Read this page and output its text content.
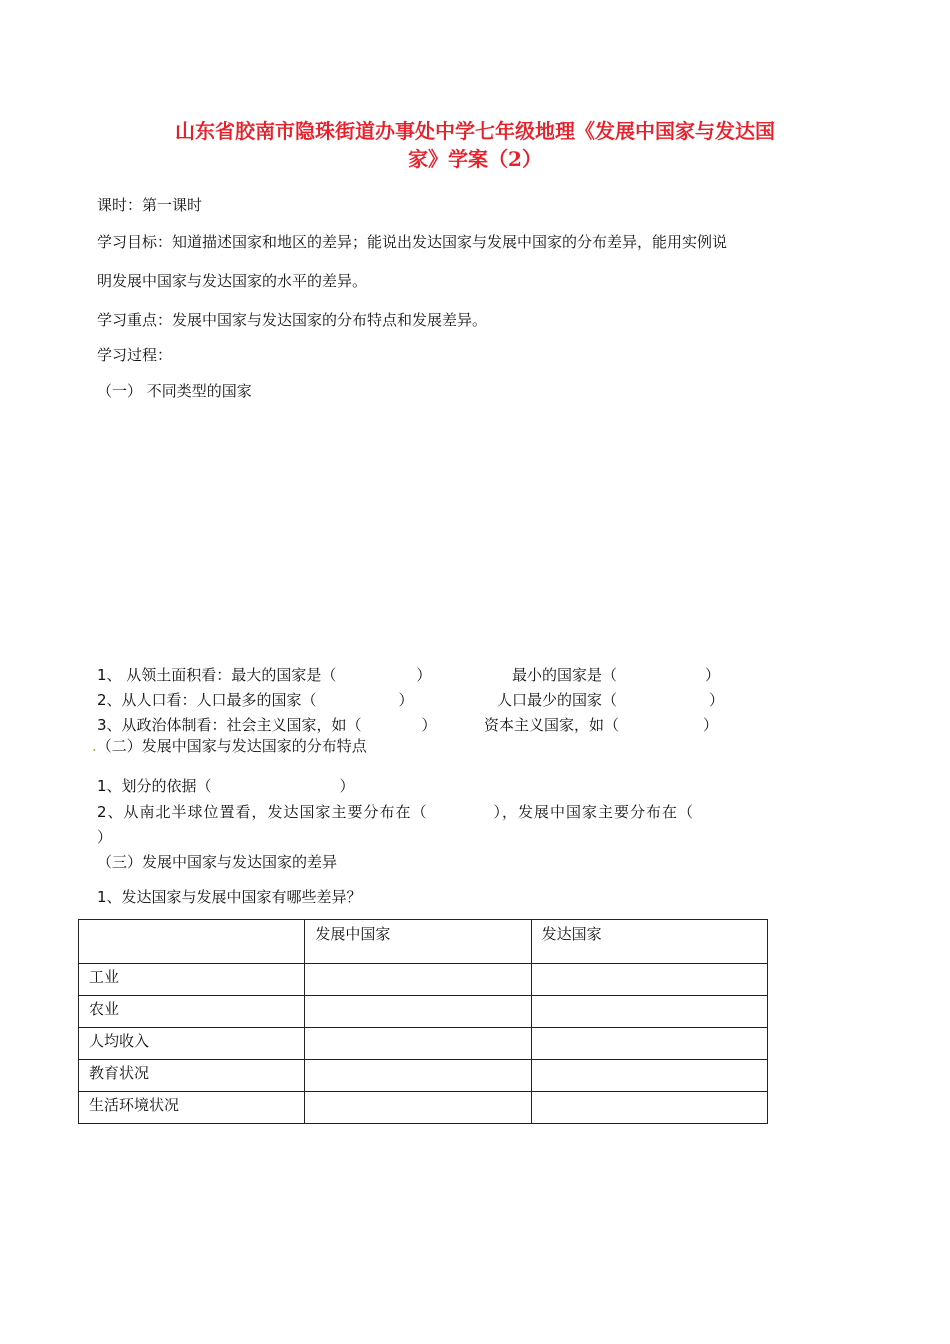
山东省胶南市隐珠街道办事处中学七年级地理《发展中国家与发达国

家》学案（2）

课时：第一课时

学习目标：知道描述国家和地区的差异；能说出发达国家与发展中国家的分布差异，能用实例说

明发展中国家与发达国家的水平的差异。

学习重点：发展中国家与发达国家的分布特点和发展差异。

学习过程：

（一） 不同类型的国家

1、 从领土面积看：最大的国家是（	）	最小的国家是（	）
2、从人口看：人口最多的国家（	）	人口最少的国家（	）
3、从政治体制看：社会主义国家，如（	）	资本主义国家，如（	）
.（二）发展中国家与发达国家的分布特点
1、划分的依据（	）
2、从南北半球位置看，发达国家主要分布在（	），发展中国家主要分布在（
）

（三）发展中国家与发达国家的差异

1、发达国家与发展中国家有哪些差异？

	发展中国家	发达国家
工业		
农业		
人均收入		
教育状况		
生活环境状况		
